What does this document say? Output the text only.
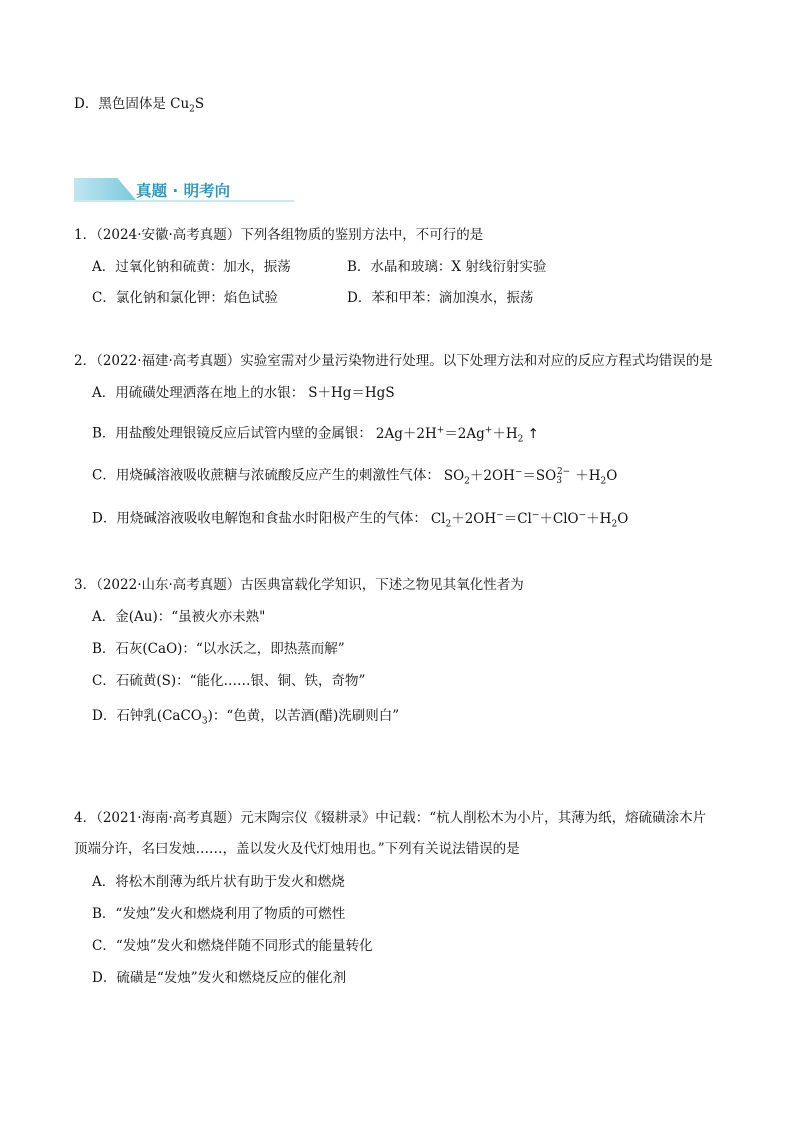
D．黑色固体是 $Cu_2S$
真题 · 明考向
1．（2024·安徽·高考真题）下列各组物质的鉴别方法中，不可行的是
A．过氧化钠和硫黄：加水，振荡	B．水晶和玻璃：X 射线衍射实验
C．氯化钠和氯化钾：焰色试验	D．苯和甲苯：滴加溴水，振荡
2．（2022·福建·高考真题）实验室需对少量污染物进行处理。以下处理方法和对应的反应方程式均错误的是
A．用硫磺处理洒落在地上的水银： S＋Hg＝HgS
B．用盐酸处理银镜反应后试管内壁的金属银： $2Ag+2H^+=2Ag^++H_2$ ↑
C．用烧碱溶液吸收蔗糖与浓硫酸反应产生的刺激性气体： $SO_2+2OH^-=SO_3^{2-} +H_2O$
D．用烧碱溶液吸收电解饱和食盐水时阳极产生的气体： $Cl_2+2OH^-=Cl^-+ClO^-+H_2O$
3．（2022·山东·高考真题）古医典富载化学知识，下述之物见其氧化性者为
A．金(Au)：“虽被火亦未熟"
B．石灰(CaO)：“以水沃之，即热蒸而解”
C．石硫黄(S)：“能化……银、铜、铁，奇物”
D．石钟乳(CaCO$_3$)：“色黄，以苦酒(醋)洗刷则白”
4．（2021·海南·高考真题）元末陶宗仪《辍耕录》中记载：“杭人削松木为小片，其薄为纸，熔硫磺涂木片
顶端分许，名曰发烛……，盖以发火及代灯烛用也。”下列有关说法错误的是
A．将松木削薄为纸片状有助于发火和燃烧
B．“发烛”发火和燃烧利用了物质的可燃性
C．“发烛”发火和燃烧伴随不同形式的能量转化
D．硫磺是“发烛”发火和燃烧反应的催化剂
